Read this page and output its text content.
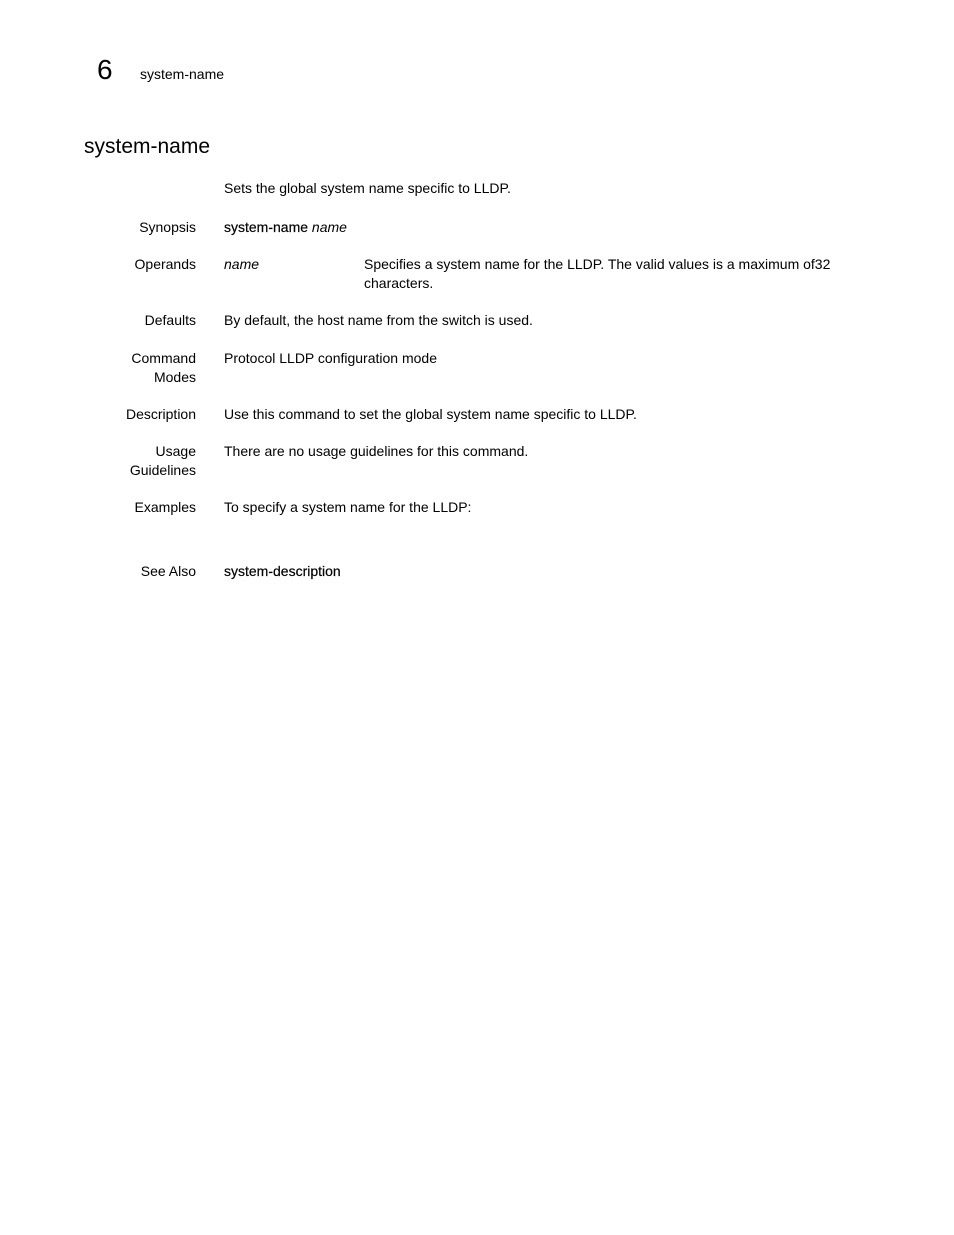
6 system-name
system-name
Sets the global system name specific to LLDP.
Synopsis system-name name
Operands name	Specifies a system name for the LLDP. The valid values is a maximum of32 characters.
Defaults By default, the host name from the switch is used.
Command
Modes
Protocol LLDP configuration mode
Description Use this command to set the global system name specific to LLDP.
Usage
Guidelines
There are no usage guidelines for this command.
Examples To specify a system name for the LLDP:
See Also system-description
